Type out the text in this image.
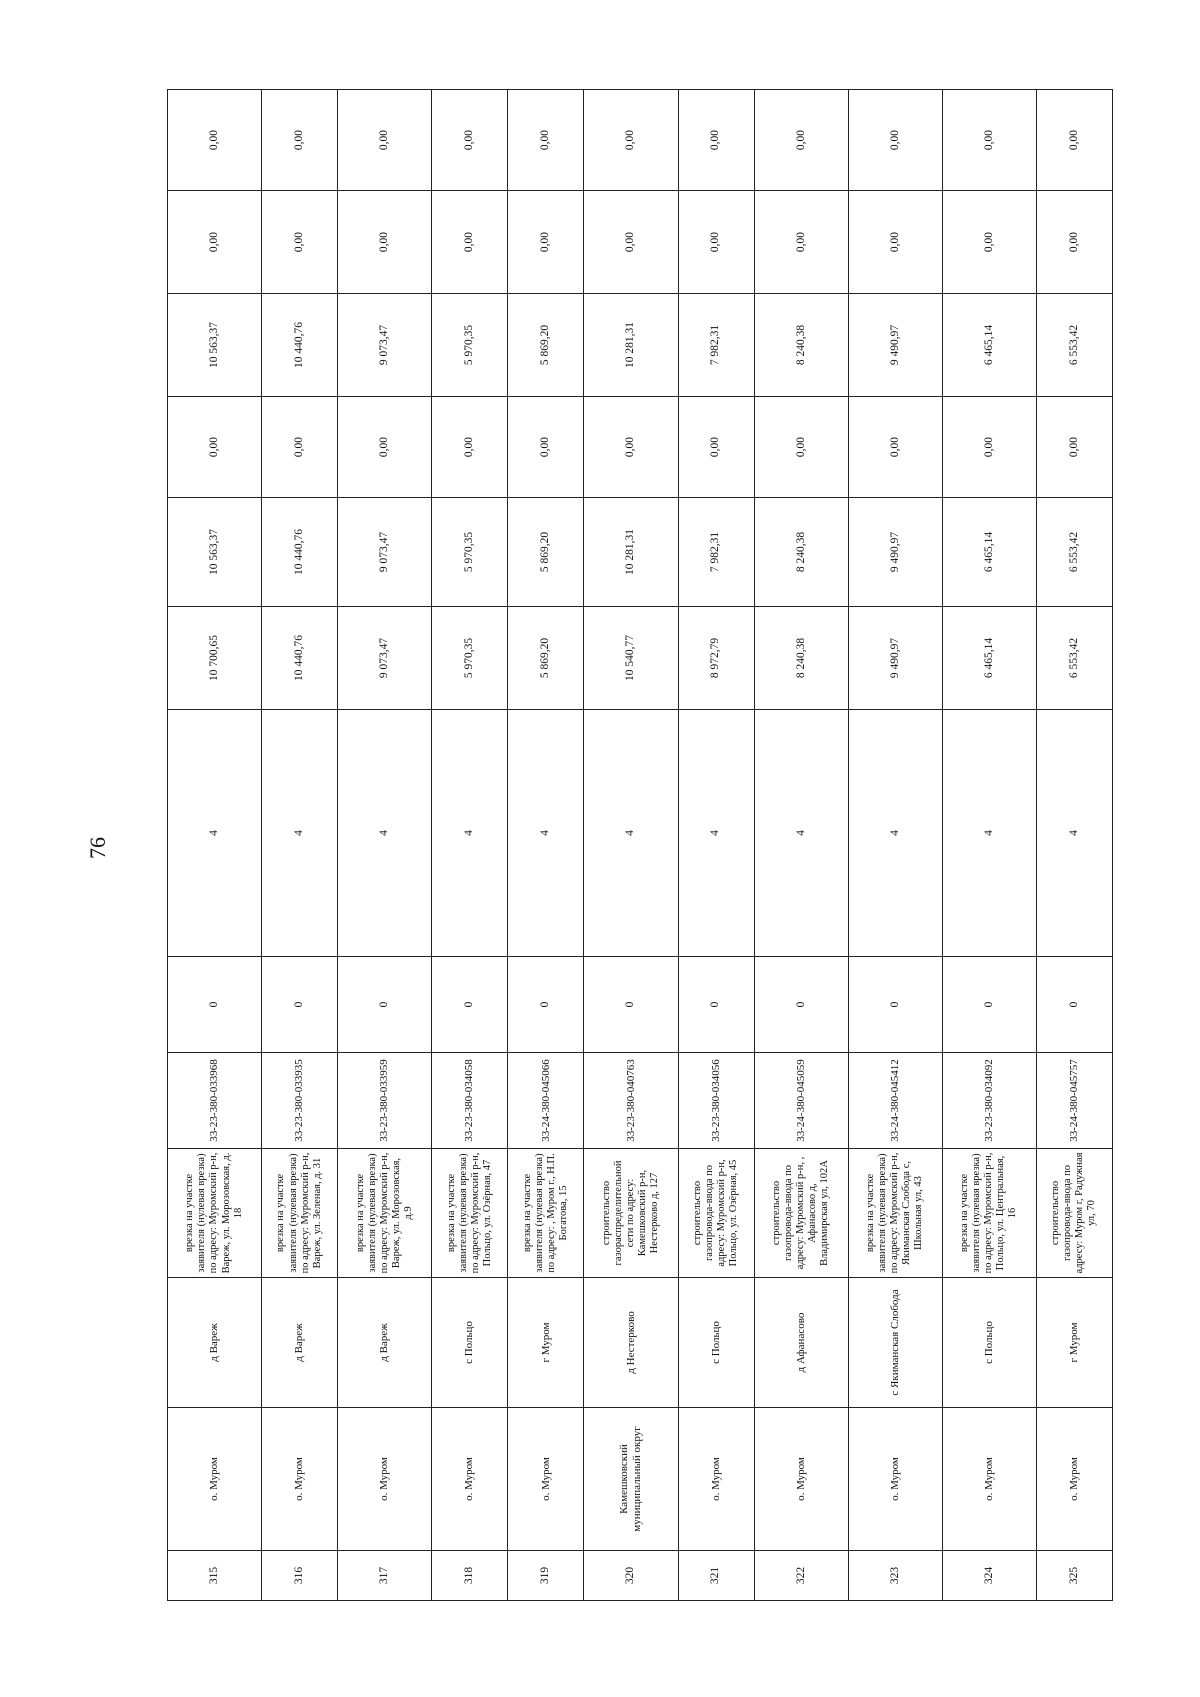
76
315	о. Муром	д Вареж	врезка на участке заявителя (нулевая врезка) по адресу: Муромский р-н, Вареж, ул. Морозовская, д. 18	33-23-380-033968	0	4	10 700,65	10 563,37	0,00	10 563,37	0,00	0,00
316	о. Муром	д Вареж	врезка на участке заявителя (нулевая врезка) по адресу: Муромский р-н, Вареж, ул. Зеленая, д. 31	33-23-380-033935	0	4	10 440,76	10 440,76	0,00	10 440,76	0,00	0,00
317	о. Муром	д Вареж	врезка на участке заявителя (нулевая врезка) по адресу: Муромский р-н, Вареж, ул. Морозовская, д.9	33-23-380-033959	0	4	9 073,47	9 073,47	0,00	9 073,47	0,00	0,00
318	о. Муром	с Польцо	врезка на участке заявителя (нулевая врезка) по адресу: Муромский р-н, Польцо, ул. Озёрная, 47	33-23-380-034058	0	4	5 970,35	5 970,35	0,00	5 970,35	0,00	0,00
319	о. Муром	г Муром	врезка на участке заявителя (нулевая врезка) по адресу: , Муром г., Н.П. Богатова, 15	33-24-380-045066	0	4	5 869,20	5 869,20	0,00	5 869,20	0,00	0,00
320	Камешковский муниципальный округ	д Нестерково	строительство газораспределительной сети по адресу: Камешковский р-н, Нестерково д, 127	33-23-380-040763	0	4	10 540,77	10 281,31	0,00	10 281,31	0,00	0,00
321	о. Муром	с Польцо	строительство газопровода-ввода по адресу: Муромский р-н, Польцо, ул. Озёрная, 45	33-23-380-034056	0	4	8 972,79	7 982,31	0,00	7 982,31	0,00	0,00
322	о. Муром	д Афанасово	строительство газопровода-ввода по адресу: Муромский р-н, , Афанасово д, Владимирская ул, 102А	33-24-380-045059	0	4	8 240,38	8 240,38	0,00	8 240,38	0,00	0,00
323	о. Муром	с Якиманская Слобода	врезка на участке заявителя (нулевая врезка) по адресу: Муромский р-н, Якиманская Слобода с, Школьная ул, 43	33-24-380-045412	0	4	9 490,97	9 490,97	0,00	9 490,97	0,00	0,00
324	о. Муром	с Польцо	врезка на участке заявителя (нулевая врезка) по адресу: Муромский р-н, Польцо, ул. Центральная, 16	33-23-380-034092	0	4	6 465,14	6 465,14	0,00	6 465,14	0,00	0,00
325	о. Муром	г Муром	строительство газопровода-ввода по адресу: Муром г, Радужная ул, 70	33-24-380-045757	0	4	6 553,42	6 553,42	0,00	6 553,42	0,00	0,00
